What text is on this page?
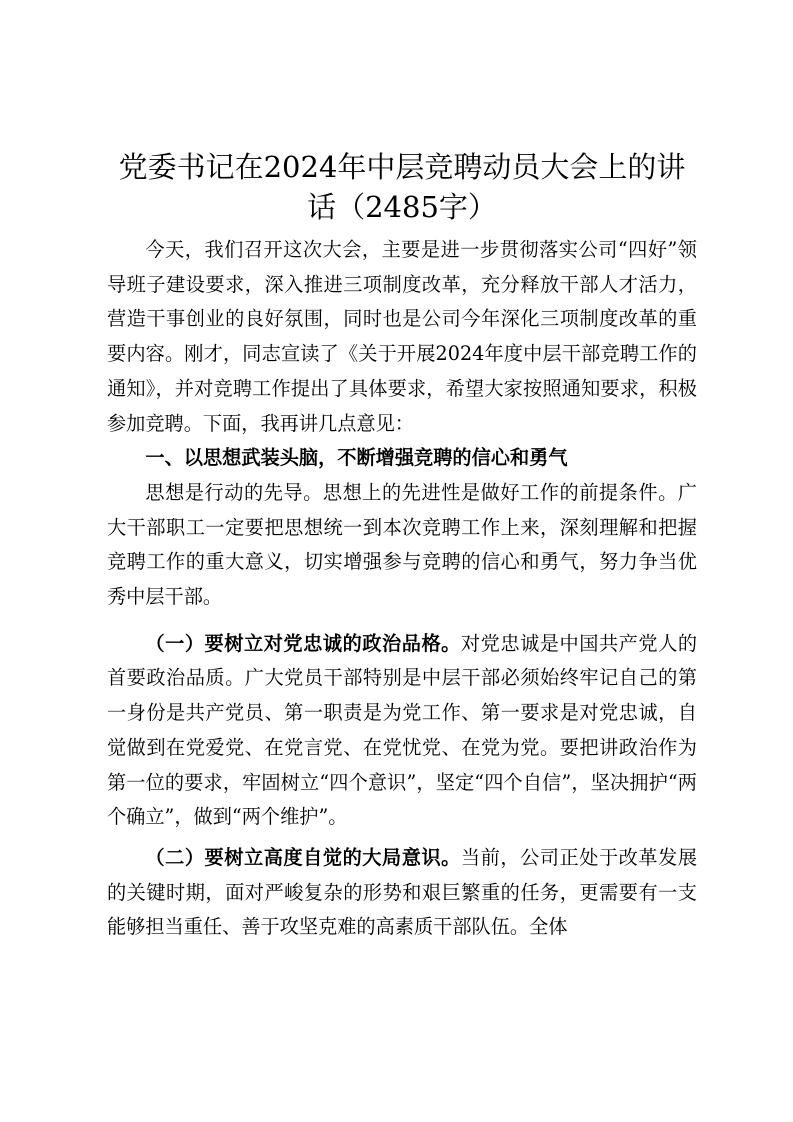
党委书记在2024年中层竞聘动员大会上的讲话（2485字）

今天，我们召开这次大会，主要是进一步贯彻落实公司“四好”领导班子建设要求，深入推进三项制度改革，充分释放干部人才活力，营造干事创业的良好氛围，同时也是公司今年深化三项制度改革的重要内容。刚才，同志宣读了《关于开展2024年度中层干部竞聘工作的通知》，并对竞聘工作提出了具体要求，希望大家按照通知要求，积极参加竞聘。下面，我再讲几点意见：

一、以思想武装头脑，不断增强竞聘的信心和勇气

思想是行动的先导。思想上的先进性是做好工作的前提条件。广大干部职工一定要把思想统一到本次竞聘工作上来，深刻理解和把握竞聘工作的重大意义，切实增强参与竞聘的信心和勇气，努力争当优秀中层干部。

（一）要树立对党忠诚的政治品格。对党忠诚是中国共产党人的首要政治品质。广大党员干部特别是中层干部必须始终牢记自己的第一身份是共产党员、第一职责是为党工作、第一要求是对党忠诚，自觉做到在党爱党、在党言党、在党忧党、在党为党。要把讲政治作为第一位的要求，牢固树立“四个意识”，坚定“四个自信”，坚决拥护“两个确立”，做到“两个维护”。

（二）要树立高度自觉的大局意识。当前，公司正处于改革发展的关键时期，面对严峻复杂的形势和艰巨繁重的任务，更需要有一支能够担当重任、善于攻坚克难的高素质干部队伍。全体
